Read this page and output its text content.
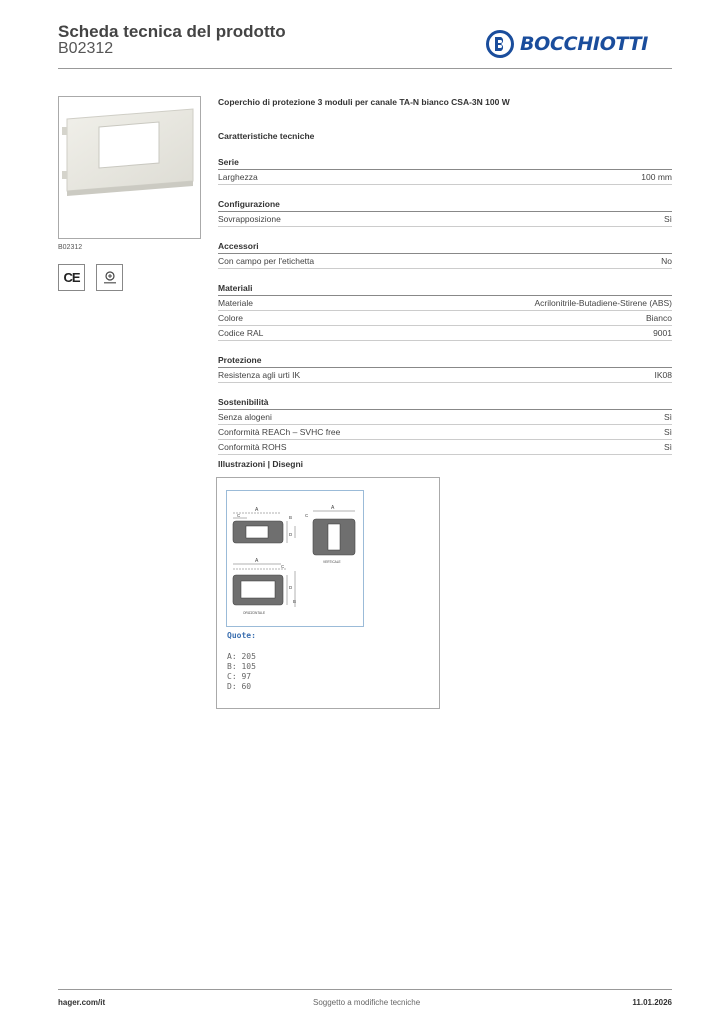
Scheda tecnica del prodotto
B02312	BOCCHIOTTI
B02312
CE
Coperchio di protezione 3 moduli per canale TA-N bianco CSA-3N 100 W
Caratteristiche tecniche
Serie
Larghezza	100 mm
Configurazione
Sovrapposizione	Sì
Accessori
Con campo per l'etichetta	No
Materiali
Materiale	Acrilonitrile-Butadiene-Stirene (ABS)
Colore	Bianco
Codice RAL	9001
Protezione
Resistenza agli urti IK	IK08
Sostenibilità
Senza alogeni	Sì
Conformità REACh – SVHC free	Sì
Conformità ROHS	Sì
Illustrazioni | Disegni
A
C	B
D
A
C
VERTICALE
A
C
D
B
ORIZZONTALE
Quote:
A: 205
B: 105
C: 97
D: 60
hager.com/it	Soggetto a modifiche tecniche	11.01.2026
